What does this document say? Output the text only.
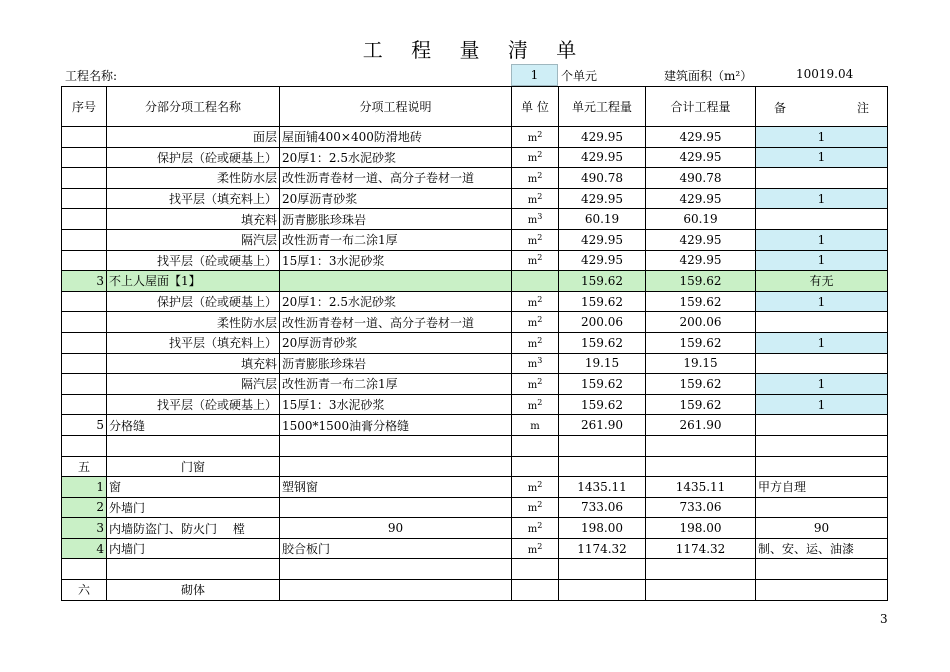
工 程 量 清 单
工程名称:	1	个单元	建筑面积（m²）	10019.04
序号	分部分项工程名称	分项工程说明	单 位	单元工程量	合计工程量	备 注

	面层	屋面铺400×400防滑地砖	$m^2$	429.95	429.95	1
	保护层（砼或硬基上）	20厚1：2.5水泥砂浆	$m^2$	429.95	429.95	1
	柔性防水层	改性沥青卷材一道、高分子卷材一道	$m^2$	490.78	490.78	
	找平层（填充料上）	20厚沥青砂浆	$m^2$	429.95	429.95	1
	填充料	沥青膨胀珍珠岩	$m^3$	60.19	60.19	
	隔汽层	改性沥青一布二涂1厚	$m^2$	429.95	429.95	1
	找平层（砼或硬基上）	15厚1：3水泥砂浆	$m^2$	429.95	429.95	1
3	不上人屋面【1】			159.62	159.62	有无
	保护层（砼或硬基上）	20厚1：2.5水泥砂浆	$m^2$	159.62	159.62	1
	柔性防水层	改性沥青卷材一道、高分子卷材一道	$m^2$	200.06	200.06	
	找平层（填充料上）	20厚沥青砂浆	$m^2$	159.62	159.62	1
	填充料	沥青膨胀珍珠岩	$m^3$	19.15	19.15	
	隔汽层	改性沥青一布二涂1厚	$m^2$	159.62	159.62	1
	找平层（砼或硬基上）	15厚1：3水泥砂浆	$m^2$	159.62	159.62	1
5	分格缝	1500*1500油膏分格缝	m	261.90	261.90	

五	门窗					
1	窗	塑钢窗	$m^2$	1435.11	1435.11	甲方自理
2	外墙门		$m^2$	733.06	733.06	
3	内墙防盗门、防火门　 樘	90	$m^2$	198.00	198.00	90
4	内墙门	胶合板门	$m^2$	1174.32	1174.32	制、安、运、油漆

六	砌体					
3
